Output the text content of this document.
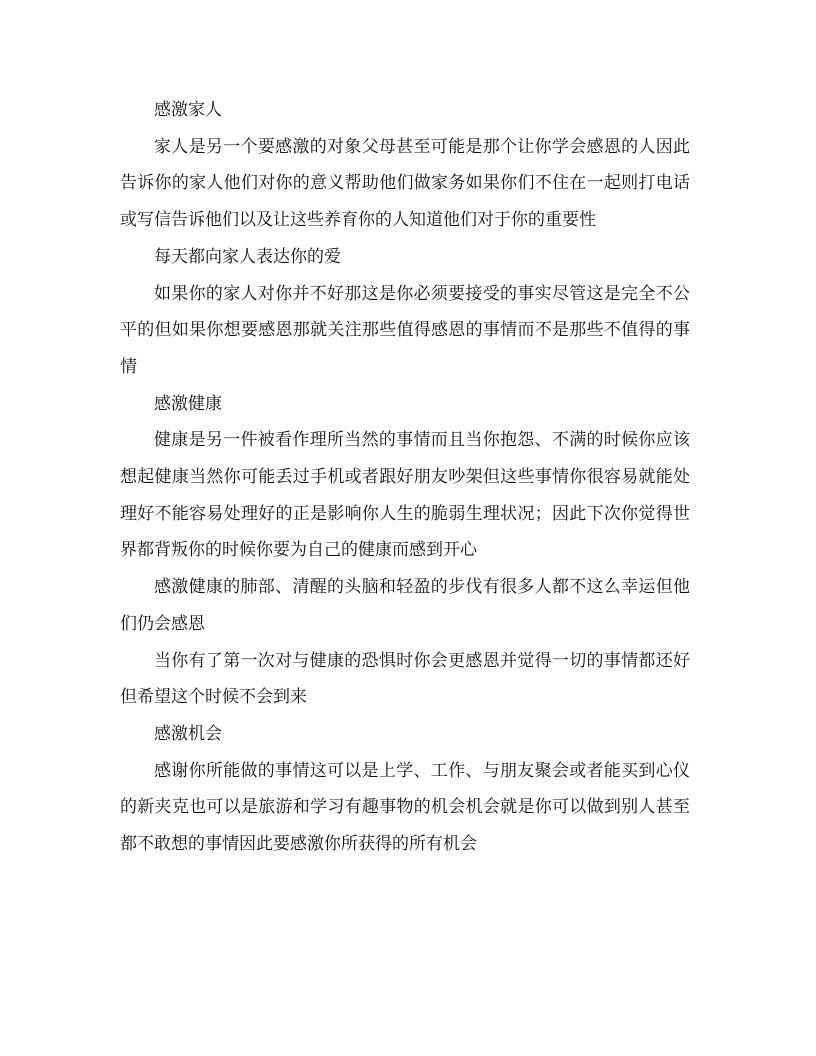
感激家人

家人是另一个要感激的对象父母甚至可能是那个让你学会感恩的人因此告诉你的家人他们对你的意义帮助他们做家务如果你们不住在一起则打电话或写信告诉他们以及让这些养育你的人知道他们对于你的重要性

每天都向家人表达你的爱

如果你的家人对你并不好那这是你必须要接受的事实尽管这是完全不公平的但如果你想要感恩那就关注那些值得感恩的事情而不是那些不值得的事情

感激健康

健康是另一件被看作理所当然的事情而且当你抱怨、不满的时候你应该想起健康当然你可能丢过手机或者跟好朋友吵架但这些事情你很容易就能处理好不能容易处理好的正是影响你人生的脆弱生理状况；因此下次你觉得世界都背叛你的时候你要为自己的健康而感到开心

感激健康的肺部、清醒的头脑和轻盈的步伐有很多人都不这么幸运但他们仍会感恩

当你有了第一次对与健康的恐惧时你会更感恩并觉得一切的事情都还好但希望这个时候不会到来

感激机会

感谢你所能做的事情这可以是上学、工作、与朋友聚会或者能买到心仪的新夹克也可以是旅游和学习有趣事物的机会机会就是你可以做到别人甚至都不敢想的事情因此要感激你所获得的所有机会
